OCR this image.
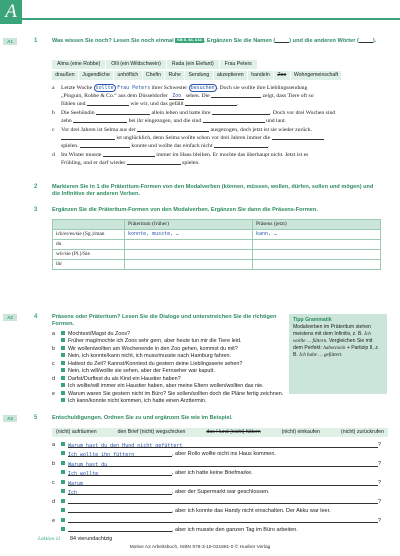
A
A1	1	Was wissen Sie noch? Lesen Sie noch einmal KB S. 84, A1b . Ergänzen Sie die Namen (	) und die anderen Wörter (	).
Alma (eine Robbe)	Olli (ein Wildschwein)	Rada (ein Elefant)	Frau Peters
draußen	Jugendliche	unhöflich	Chefin	Ruhe	Sendung	akzeptieren	handeln	Zoo	Wohngemeinschaft
a Letzte Woche sollte Frau Peters ihrer Schwester besuchen . Doch sie wollte ihre Lieblingssendung
„Pinguin, Robbe & Co.“ aus dem Düsseldorfer Zoo sehen. Die	zeigt, dass Tiere oft so
fühlen und	wie wir, und das gefällt	.
b Die Seehündin	allein leben und hatte ihre	. Doch vor drei Wochen sind
zehn	bei ihr eingezogen, und die sind	und laut.
c Vor drei Jahren ist Selma aus der	ausgezogen, doch jetzt ist sie wieder zurück.
ist unglücklich, denn Selma wollte schon vor drei Jahren immer die
spielen.	konnte und wollte das einfach nicht	.
d Im Winter musste	immer im Haus bleiben. Er mochte das überhaupt nicht. Jetzt ist es
Frühling, und er darf wieder	spielen.
2	Markieren Sie in 1 die Präteritum-Formen von den Modalverben (können, müssen, wollen, dürfen, sollen und mögen) und die Infinitive der anderen Verben.
3	Ergänzen Sie die Präteritum-Formen von den Modalverben. Ergänzen Sie dann die Präsens-Formen.
	Präteritum (früher)	Präsens (jetzt)
ich/er/es/sie (Sg.)/man	konnte, musste, …	kann, …
du		
wir/sie (Pl.)/Sie		
ihr		
A2	4	Präsens oder Präteritum? Lesen Sie die Dialoge und unterstreichen Sie die richtigen Formen.
Tipp Grammatik
Modalverben im Präteritum stehen meistens mit dem Infinitiv, z. B. Ich wollte … füttern. Vergleichen Sie mit dem Perfekt: haben/sein + Partizip II, z. B. Ich habe … gefüttert.
a Mochtest/Magst du Zoos?
Früher mag/mochte ich Zoos sehr gern, aber heute tun mir die Tiere leid.
b Wir wollen/wollten am Wochenende in den Zoo gehen, kommst du mit?
Nein, ich konnte/kann nicht, ich muss/musste nach Hamburg fahren.
c Hattest du Zeit? Kannst/Konntest du gestern deine Lieblingsserie sehen?
Nein, ich will/wollte sie sehen, aber der Fernseher war kaputt.
d Darfst/Durftest du als Kind ein Haustier haben?
Ich wollte/will immer ein Haustier haben, aber meine Eltern wollen/wollten das nie.
e Warum waren Sie gestern nicht im Büro? Sie sollen/sollten doch die Pläne fertig zeichnen.
Ich kann/konnte nicht kommen, ich hatte einen Arzttermin.
A3	5	Entschuldigungen. Ordnen Sie zu und ergänzen Sie wie im Beispiel.
(nicht) aufräumen	den Brief (nicht) wegschicken	das Hund (nicht) füttern	(nicht) einkaufen	(nicht) zurückrufen
a	Warum hast du den Hund nicht gefüttert	?
Ich wollte ihn füttern	, aber Rollo wollte nicht ins Haus kommen.
b	Warum hast du	?
Ich wollte	, aber ich hatte keine Briefmarke.
c	Warum	?
Ich	, aber der Supermarkt war geschlossen.
d	?
, aber ich konnte das Handy nicht einschalten. Der Akku war leer.
e	?
, aber ich musste den ganzen Tag im Büro arbeiten.
Lektion 11 84 vierundachtzig
Motive A2 Arbeitsbuch, ISBN 978-3-19-031881-0 © Hueber Verlag
